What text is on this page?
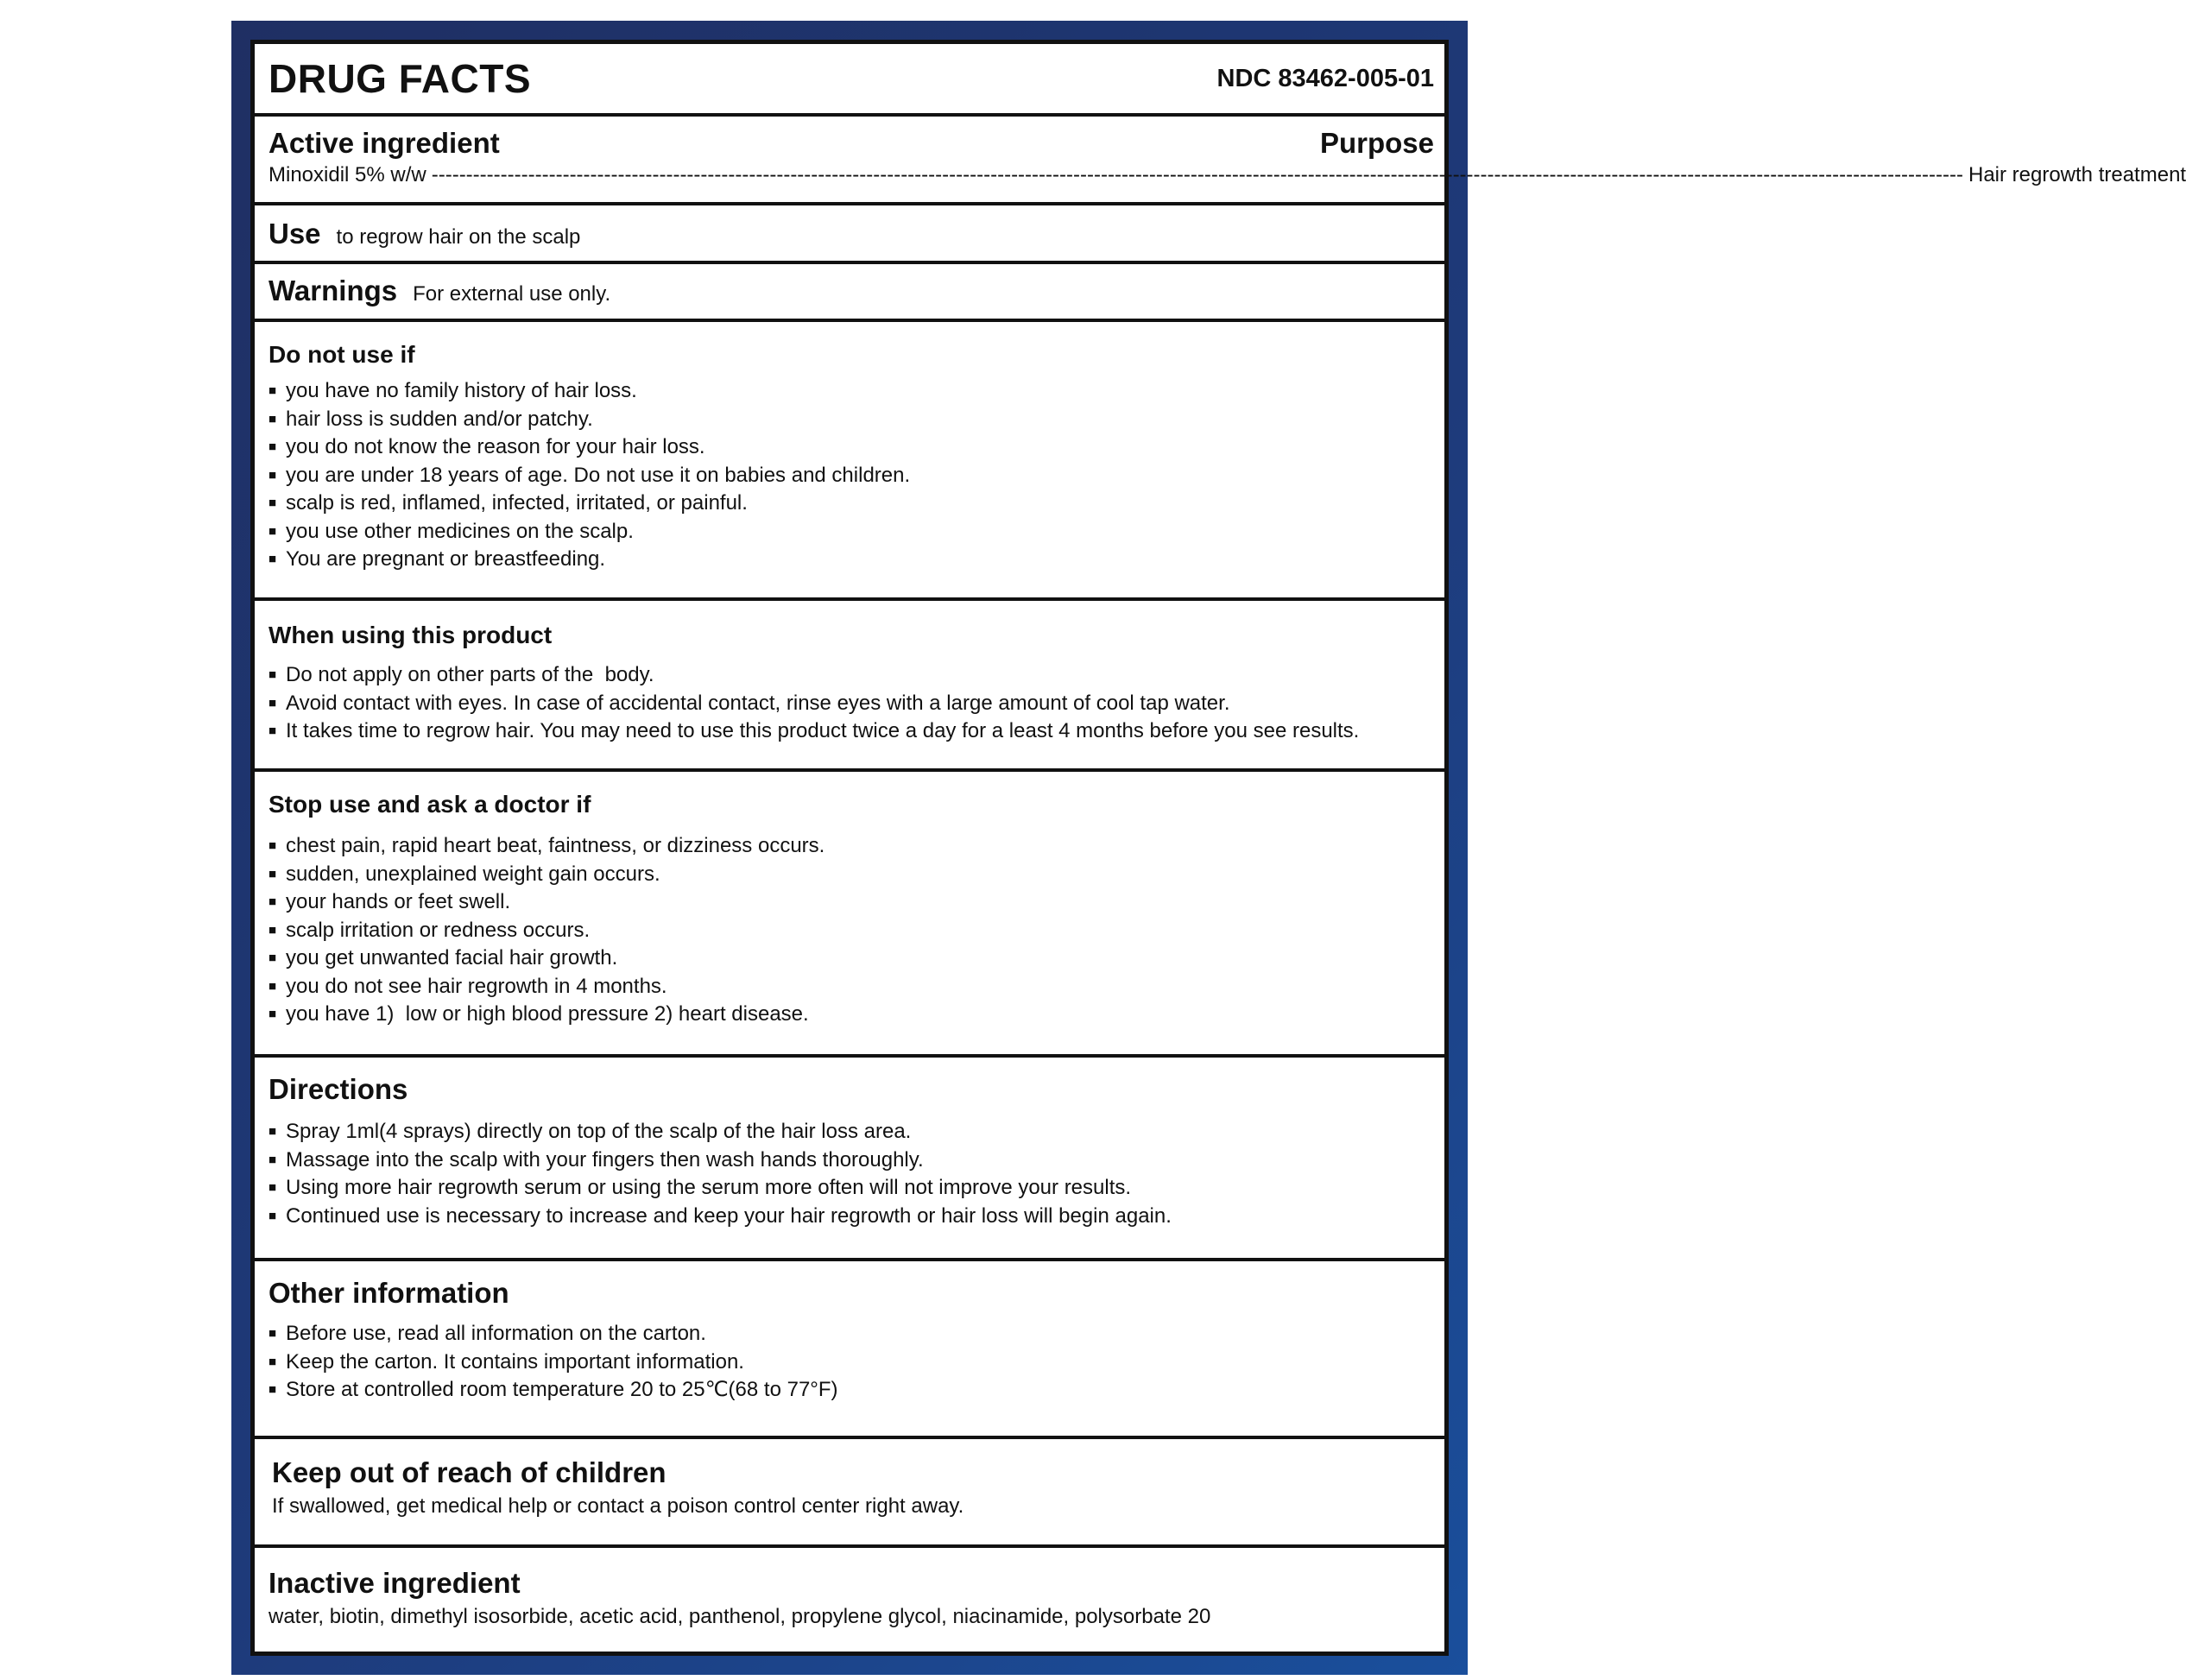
DRUG FACTS	NDC 83462-005-01
Active ingredient	Purpose
Minoxidil 5% w/w ------------------------------------------------------------------------------------------------------------------------------------------------------------------------------------------------------------------------------ Hair regrowth treatment
Use to regrow hair on the scalp
Warnings For external use only.
Do not use if
■ you have no family history of hair loss.
■ hair loss is sudden and/or patchy.
■ you do not know the reason for your hair loss.
■ you are under 18 years of age. Do not use it on babies and children.
■ scalp is red, inflamed, infected, irritated, or painful.
■ you use other medicines on the scalp.
■ You are pregnant or breastfeeding.
When using this product
■ Do not apply on other parts of the  body.
■ Avoid contact with eyes. In case of accidental contact, rinse eyes with a large amount of cool tap water.
■ It takes time to regrow hair. You may need to use this product twice a day for a least 4 months before you see results.
Stop use and ask a doctor if
■ chest pain, rapid heart beat, faintness, or dizziness occurs.
■ sudden, unexplained weight gain occurs.
■ your hands or feet swell.
■ scalp irritation or redness occurs.
■ you get unwanted facial hair growth.
■ you do not see hair regrowth in 4 months.
■ you have 1)  low or high blood pressure 2) heart disease.
Directions
■ Spray 1ml(4 sprays) directly on top of the scalp of the hair loss area.
■ Massage into the scalp with your fingers then wash hands thoroughly.
■ Using more hair regrowth serum or using the serum more often will not improve your results.
■ Continued use is necessary to increase and keep your hair regrowth or hair loss will begin again.
Other information
■ Before use, read all information on the carton.
■ Keep the carton. It contains important information.
■ Store at controlled room temperature 20 to 25℃(68 to 77°F)
Keep out of reach of children
If swallowed, get medical help or contact a poison control center right away.
Inactive ingredient
water, biotin, dimethyl isosorbide, acetic acid, panthenol, propylene glycol, niacinamide, polysorbate 20
